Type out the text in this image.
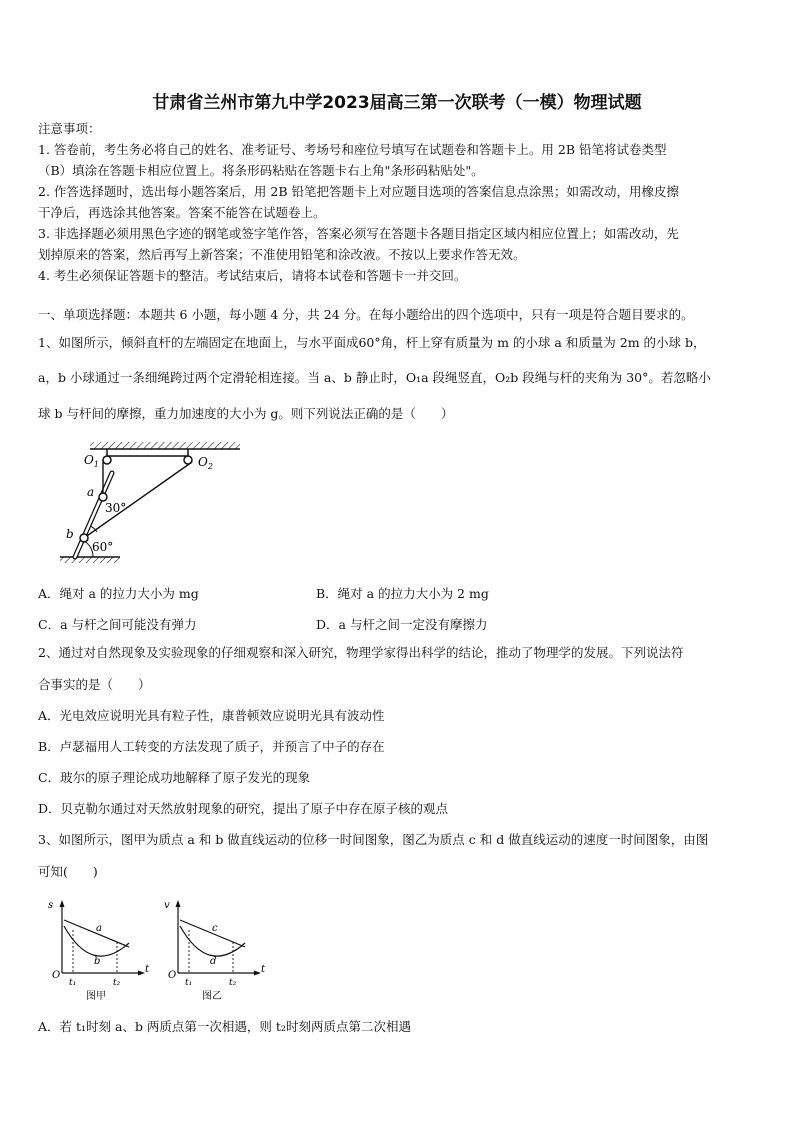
甘肃省兰州市第九中学2023届高三第一次联考（一模）物理试题
注意事项：
1. 答卷前，考生务必将自己的姓名、准考证号、考场号和座位号填写在试题卷和答题卡上。用 2B 铅笔将试卷类型
（B）填涂在答题卡相应位置上。将条形码粘贴在答题卡右上角"条形码粘贴处"。
2. 作答选择题时，选出每小题答案后，用 2B 铅笔把答题卡上对应题目选项的答案信息点涂黑；如需改动，用橡皮擦
干净后，再选涂其他答案。答案不能答在试题卷上。
3. 非选择题必须用黑色字迹的钢笔或签字笔作答，答案必须写在答题卡各题目指定区域内相应位置上；如需改动，先
划掉原来的答案，然后再写上新答案；不准使用铅笔和涂改液。不按以上要求作答无效。
4. 考生必须保证答题卡的整洁。考试结束后，请将本试卷和答题卡一并交回。
一、单项选择题：本题共 6 小题，每小题 4 分，共 24 分。在每小题给出的四个选项中，只有一项是符合题目要求的。
1、如图所示，倾斜直杆的左端固定在地面上，与水平面成60°角，杆上穿有质量为 m 的小球 a 和质量为 2m 的小球 b，
a，b 小球通过一条细绳跨过两个定滑轮相连接。当 a、b 静止时，O₁a 段绳竖直，O₂b 段绳与杆的夹角为 30°。若忽略小
球 b 与杆间的摩擦，重力加速度的大小为 g。则下列说法正确的是（　　）
$O_1$	$O_2$
a
b
30°
60°
A．绳对 a 的拉力大小为 mg	B．绳对 a 的拉力大小为 2 mg
C．a 与杆之间可能没有弹力	D．a 与杆之间一定没有摩擦力
2、通过对自然现象及实验现象的仔细观察和深入研究，物理学家得出科学的结论，推动了物理学的发展。下列说法符
合事实的是（　　）
A．光电效应说明光具有粒子性，康普顿效应说明光具有波动性
B．卢瑟福用人工转变的方法发现了质子，并预言了中子的存在
C．玻尔的原子理论成功地解释了原子发光的现象
D．贝克勒尔通过对天然放射现象的研究，提出了原子中存在原子核的观点
3、如图所示，图甲为质点 a 和 b 做直线运动的位移一时间图象，图乙为质点 c 和 d 做直线运动的速度一时间图象，由图
可知(　　)
s
t
O
a
b
t₁	t₂
图甲
v
t
O
c
d
t₁	t₂
图乙
A．若 t₁时刻 a、b 两质点第一次相遇，则 t₂时刻两质点第二次相遇
